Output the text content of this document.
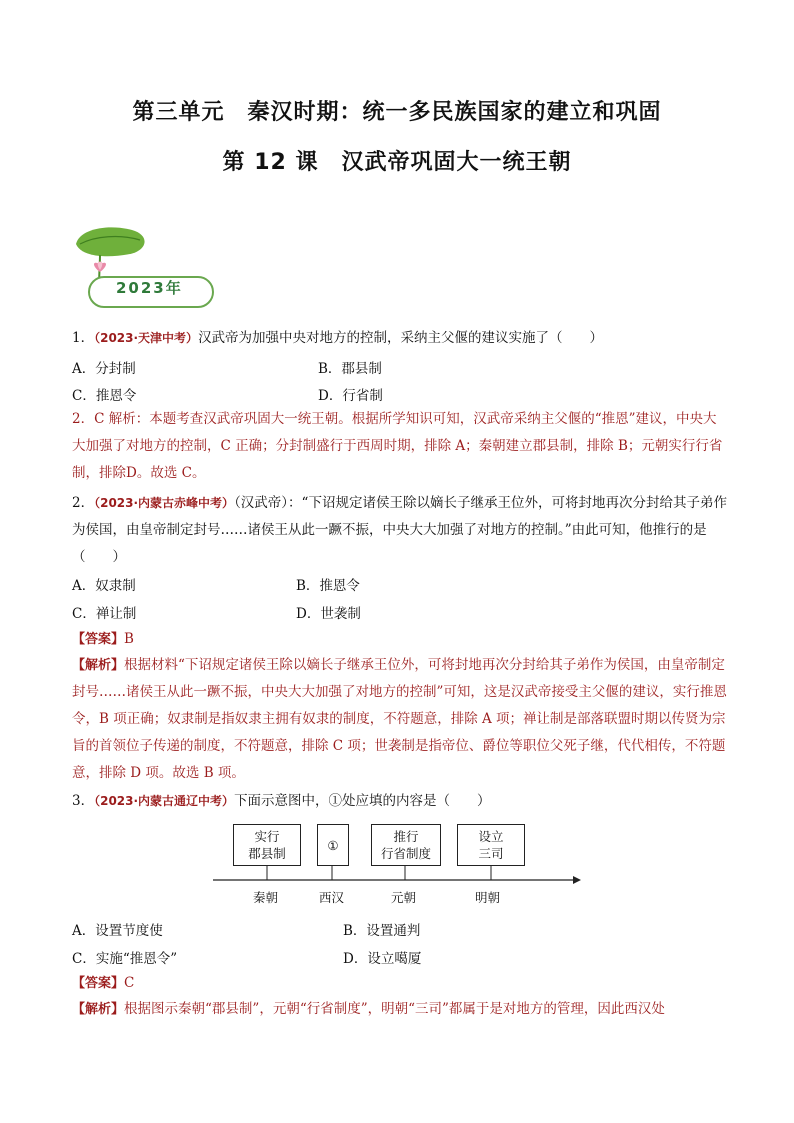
第三单元　秦汉时期：统一多民族国家的建立和巩固
第 12 课　汉武帝巩固大一统王朝
2023年
1．（2023·天津中考）汉武帝为加强中央对地方的控制，采纳主父偃的建议实施了（　　）
A．分封制	B．郡县制
C．推恩令	D．行省制
2．C 解析：本题考查汉武帝巩固大一统王朝。根据所学知识可知，汉武帝采纳主父偃的“推恩”建议，中央大大加强了对地方的控制，C 正确；分封制盛行于西周时期，排除 A；秦朝建立郡县制，排除 B；元朝实行行省制，排除D。故选 C。
2．（2023·内蒙古赤峰中考）（汉武帝）：“下诏规定诸侯王除以嫡长子继承王位外，可将封地再次分封给其子弟作为侯国，由皇帝制定封号……诸侯王从此一蹶不振，中央大大加强了对地方的控制。”由此可知，他推行的是（　　）
A．奴隶制	B．推恩令
C．禅让制	D．世袭制
【答案】B
【解析】根据材料“下诏规定诸侯王除以嫡长子继承王位外，可将封地再次分封给其子弟作为侯国，由皇帝制定封号……诸侯王从此一蹶不振，中央大大加强了对地方的控制”可知，这是汉武帝接受主父偃的建议，实行推恩令，B 项正确；奴隶制是指奴隶主拥有奴隶的制度，不符题意，排除 A 项；禅让制是部落联盟时期以传贤为宗旨的首领位子传递的制度，不符题意，排除 C 项；世袭制是指帝位、爵位等职位父死子继，代代相传，不符题意，排除 D 项。故选 B 项。
3．（2023·内蒙古通辽中考）下面示意图中，①处应填的内容是（　　）
实行
郡县制
①
推行
行省制度
设立
三司
秦朝	西汉	元朝	明朝
A．设置节度使	B．设置通判
C．实施“推恩令”	D．设立噶厦
【答案】C
【解析】根据图示秦朝“郡县制”，元朝“行省制度”，明朝“三司”都属于是对地方的管理，因此西汉处
